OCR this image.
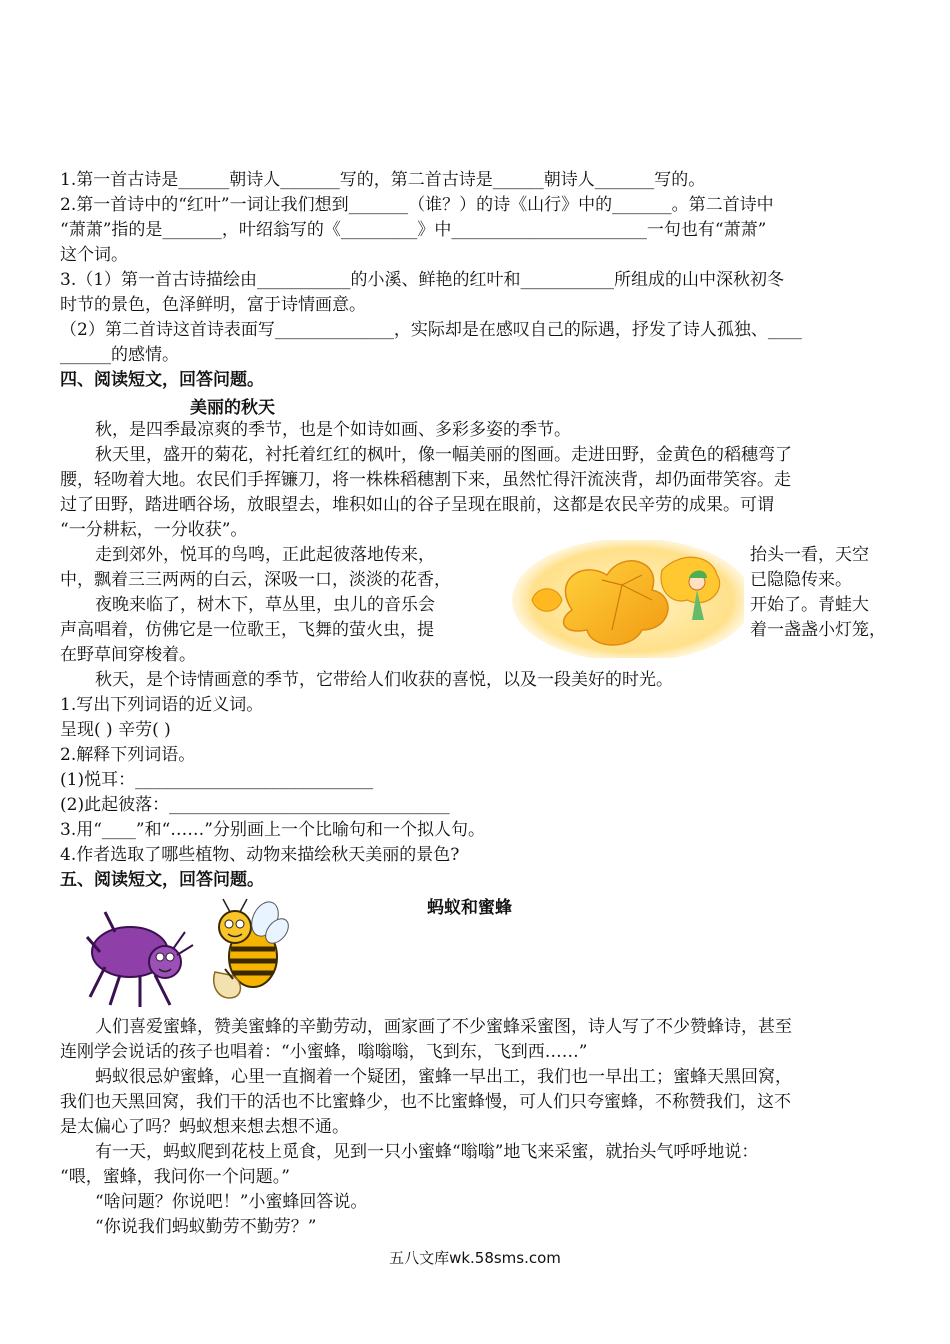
1.第一首古诗是______朝诗人_______写的，第二首古诗是______朝诗人_______写的。
2.第一首诗中的“红叶”一词让我们想到_______（谁？）的诗《山行》中的_______。第二首诗中
“萧萧”指的是_______，叶绍翁写的《_________》中_______________________一句也有“萧萧”
这个词。
3.（1）第一首古诗描绘由___________的小溪、鲜艳的红叶和___________所组成的山中深秋初冬
时节的景色，色泽鲜明，富于诗情画意。
（2）第二首诗这首诗表面写______________，实际却是在感叹自己的际遇，抒发了诗人孤独、____
______的感情。
四、阅读短文，回答问题。
美丽的秋天
秋，是四季最凉爽的季节，也是个如诗如画、多彩多姿的季节。
秋天里，盛开的菊花，衬托着红红的枫叶，像一幅美丽的图画。走进田野，金黄色的稻穗弯了
腰，轻吻着大地。农民们手挥镰刀，将一株株稻穗割下来，虽然忙得汗流浃背，却仍面带笑容。走
过了田野，踏进晒谷场，放眼望去，堆积如山的谷子呈现在眼前，这都是农民辛劳的成果。可谓
“一分耕耘，一分收获”。
走到郊外，悦耳的鸟鸣，正此起彼落地传来，	抬头一看，天空
中，飘着三三两两的白云，深吸一口，淡淡的花香，	已隐隐传来。
夜晚来临了，树木下，草丛里，虫儿的音乐会	开始了。青蛙大
声高唱着，仿佛它是一位歌王，飞舞的萤火虫，提	着一盏盏小灯笼，
在野草间穿梭着。
秋天，是个诗情画意的季节，它带给人们收获的喜悦，以及一段美好的时光。
1.写出下列词语的近义词。
呈现( ) 辛劳( )
2.解释下列词语。
(1)悦耳：____________________________
(2)此起彼落：_________________________________
3.用“____”和“……”分别画上一个比喻句和一个拟人句。
4.作者选取了哪些植物、动物来描绘秋天美丽的景色?
五、阅读短文，回答问题。
蚂蚁和蜜蜂
人们喜爱蜜蜂，赞美蜜蜂的辛勤劳动，画家画了不少蜜蜂采蜜图，诗人写了不少赞蜂诗，甚至
连刚学会说话的孩子也唱着：“小蜜蜂，嗡嗡嗡，飞到东，飞到西……”
蚂蚁很忌妒蜜蜂，心里一直搁着一个疑团，蜜蜂一早出工，我们也一早出工；蜜蜂天黑回窝，
我们也天黑回窝，我们干的活也不比蜜蜂少，也不比蜜蜂慢，可人们只夸蜜蜂，不称赞我们，这不
是太偏心了吗？蚂蚁想来想去想不通。
有一天，蚂蚁爬到花枝上觅食，见到一只小蜜蜂“嗡嗡”地飞来采蜜，就抬头气呼呼地说：
“喂，蜜蜂，我问你一个问题。”
“啥问题？你说吧！”小蜜蜂回答说。
“你说我们蚂蚁勤劳不勤劳？”
五八文库wk.58sms.com
